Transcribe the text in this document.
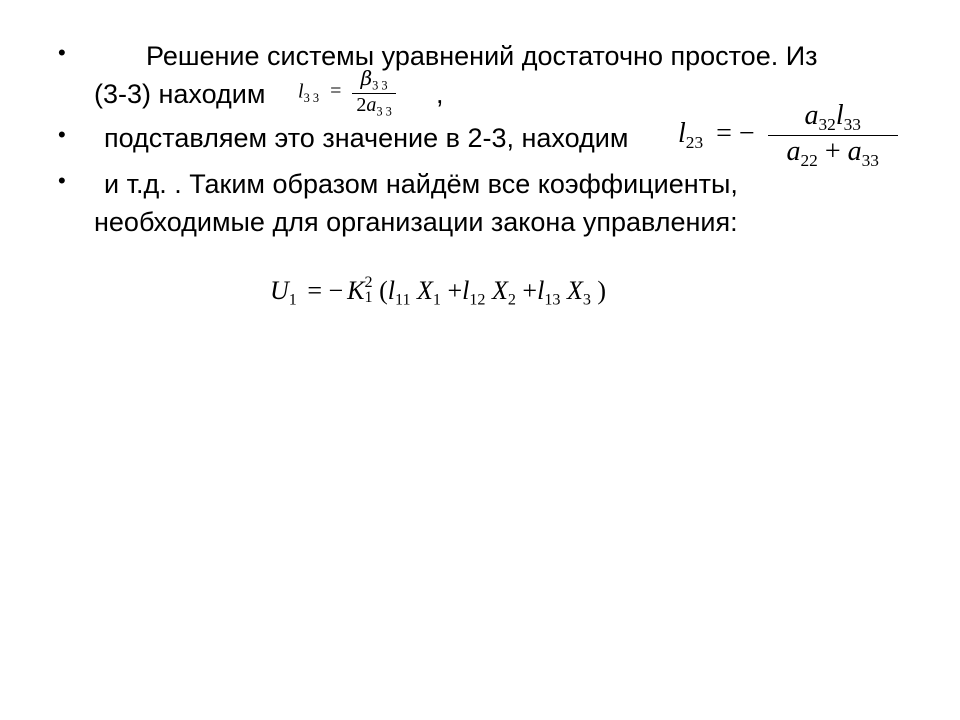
•	Решение системы уравнений достаточно простое. Из
(3-3) находим $l_{3 3} = \frac{\beta_{3 3}}{2a_{3 3}}$ ,
• подставляем это значение в 2-3, находим $l_{23}$ = − $\frac{a_{32}l_{33}}{a_{22} + a_{33}}$
• и т.д. . Таким образом найдём все коэффициенты,
необходимые для организации закона управления:
$U_1$ = − K 2
1 ($l_{11}$ $X_1 +l_{12}$ $X_2 +l_{13}$ $X_3$ )
